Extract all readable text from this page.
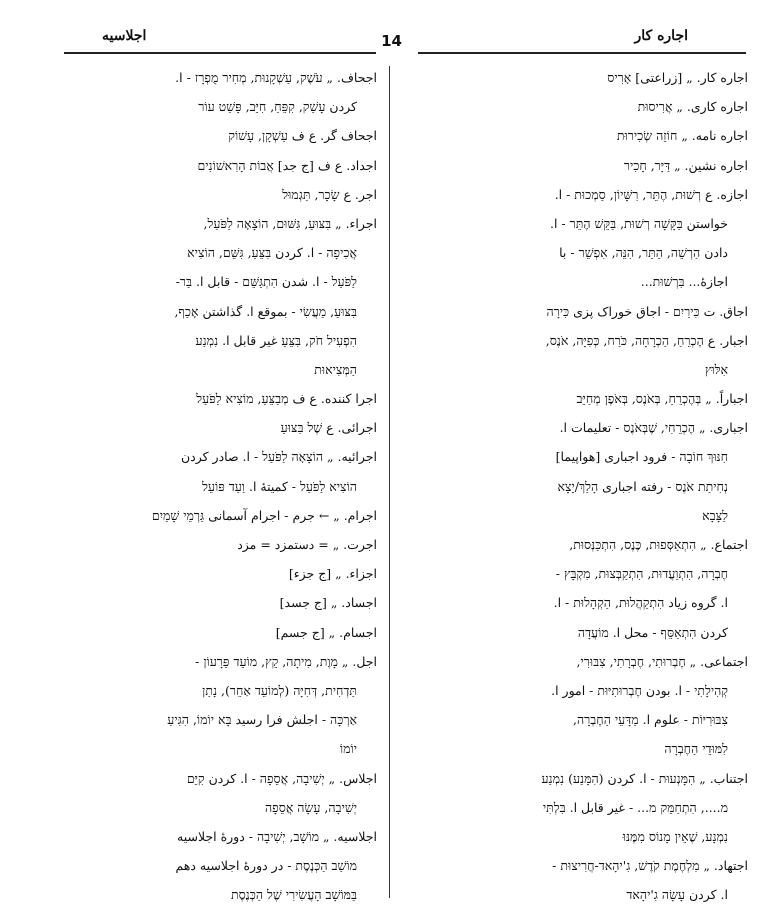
اجاره کار
14
اجلاسیه
اجاره کار. „ [زراعتی] אָרִיס
اجاره کاری. „ אֲרִיסוּת
اجاره نامه. „ חוֹזֵה שְׂכִירוּת
اجاره نشین. „ דַּיָּר, חָכִיר
اجازه. ع רְשׁוּת, הֶתֵּר, רִשָּׁיוֹן, סַמְכוּת - ا.
خواستن בַּקָּשָׁה רְשׁוּת, בַּקֵּשׁ הֶתֵּר - ا.
دادن הַרְשֵׁה, הַתֵּר, הִנֵּה, אִפְשֵׁר - با
اجازهٔ... בִּרְשׁוּת...
اجاق. ت כִּירַיִם - اجاق خوراک پزی כִּירָה
اجبار. ع הֶכְרֵחַ, הַכְרָחָה, כֹּרַח, כְּפִיָּה, אֹנֶס,
אִלּוּץ
اجباراً. „ בְּהֶכְרֵחַ, בְּאֹנֶס, בְּאֹפֶן מְחַיֵּב
اجباری. „ הֶכְרֵחִי, שֶׁבְּאֹנֶס - تعلیمات ا.
חִנּוּךְ חוֹבָה - فرود اجباری [هواپیما]
נְחִיתַת אֹנֶס - رفته اجباری הָלַךְ/יָצָא
לַצָּבָא
اجتماع. „ הִתְאַסְּפוּת, כֶּנֶס, הִתְכַּנְּסוּת,
חֶבְרָה, הִתְוַעֲדוּת, הִתְקַבְּצוּת, מִקְבָּץ -
ا. گروه زیاد הִתְקַהֲלוּת, הַקְהָלוּת - ا.
کردن הִתְאַסֵּף - محل ا. מוֹעֲדָה
اجتماعی. „ חֶבְרוּתִי, חֶבְרָתִי, צִבּוּרִי,
קְהִילָתִי - ا. بودن חֶבְרוּתִיּוּת - امور ا.
צִבּוּרִיּוֹת - علوم ا. מַדָּעֵי הַחֶבְרָה,
לִמּוּדֵי הַחֶבְרָה
اجتناب. „ הִמָּנְעוּת - ا. کردن (הִמָּנַע) נִמְנַע
מ...., הִתְחַמֵּק מ... - غیر قابل ا. בִּלְתִּי
נִמְנָע, שֶׁאֵין מָנוֹס מִמֶּנּוּ
اجتهاد. „ מִלְחֶמֶת קֹדֶשׁ, גִ'יהָאד-חֲרִיצוּת -
ا. کردن עָשָׂה גִ'יהָאד
اجحاف. „ עֹשֶׁק, עַשְׁקָנוּת, מְחִיר מֻפְרָז - ا.
کردن עָשַׁק, קִפֵּחַ, חִיֵּב, פָּשַׁט עוֹר
اجحاف گر. ع ف עַשְׁקָן, עָשׁוֹק
اجداد. ع ف [ج جد] אֲבוֹת הָרִאשׁוֹנִים
اجر. ع שָׂכָר, תַּגְמוּל
اجراء. „ בִּצּוּעַ, גִּשּׁוּם, הוֹצָאָה לַפֹּעַל,
אֲכִיפָה - ا. کردن בִּצֵּעַ, גִּשֵּׁם, הוֹצִיא
לַפֹּעַל - ا. شدن הִתְגַּשֵּׁם - قابل ا. בַּר-
בִּצּוּעַ, מַעֲשִׂי - بموقع ا. گذاشتن אָכַף,
הִפְעִיל חֹק, בִּצֵּעַ غیر قابل ا. נִמְנַע
הַמְּצִיאוּת
اجرا کننده. ع ف מְבַצֵּעַ, מוֹצִיא לַפֹּעַל
اجرائی. ع שֶׁל בִּצּוּעַ
اجرائیه. „ הוֹצָאָה לַפֹּעַל - ا. صادر کردن
הוֹצִיא לַפֹּעַל - کمیتهٔ ا. וַעַד פּוֹעֵל
اجرام. „ ← جرم - اجرام آسمانی גַּרְמֵי שָׁמַיִם
اجرت. „ = دستمزد = مزد
اجزاء. „ [ج جزء]
اجساد. „ [ج جسد]
اجسام. „ [ج جسم]
اجل. „ מָוֶת, מִיתָה, קֵץ, מוֹעֵד פֵּרָעוֹן -
תַּדְחִית, דְּחִיָּה (לְמוֹעֵד אַחֵר), נָתַן
אַרְכָּה - اجلش فرا رسید בָּא יוֹמוֹ, הִגִּיעַ
יוֹמוֹ
اجلاس. „ יְשִׁיבָה, אֲסֵפָה - ا. کردن קִיֵּם
יְשִׁיבָה, עָשָׂה אֲסֵפָה
اجلاسیه. „ מוֹשָׁב, יְשִׁיבָה - دورهٔ اجلاسیه
מוֹשַׁב הַכְּנֶסֶת - در دورهٔ اجلاسیه دهم
בַּמּוֹשָׁב הָעֲשִׂירִי שֶׁל הַכְּנֶסֶת
